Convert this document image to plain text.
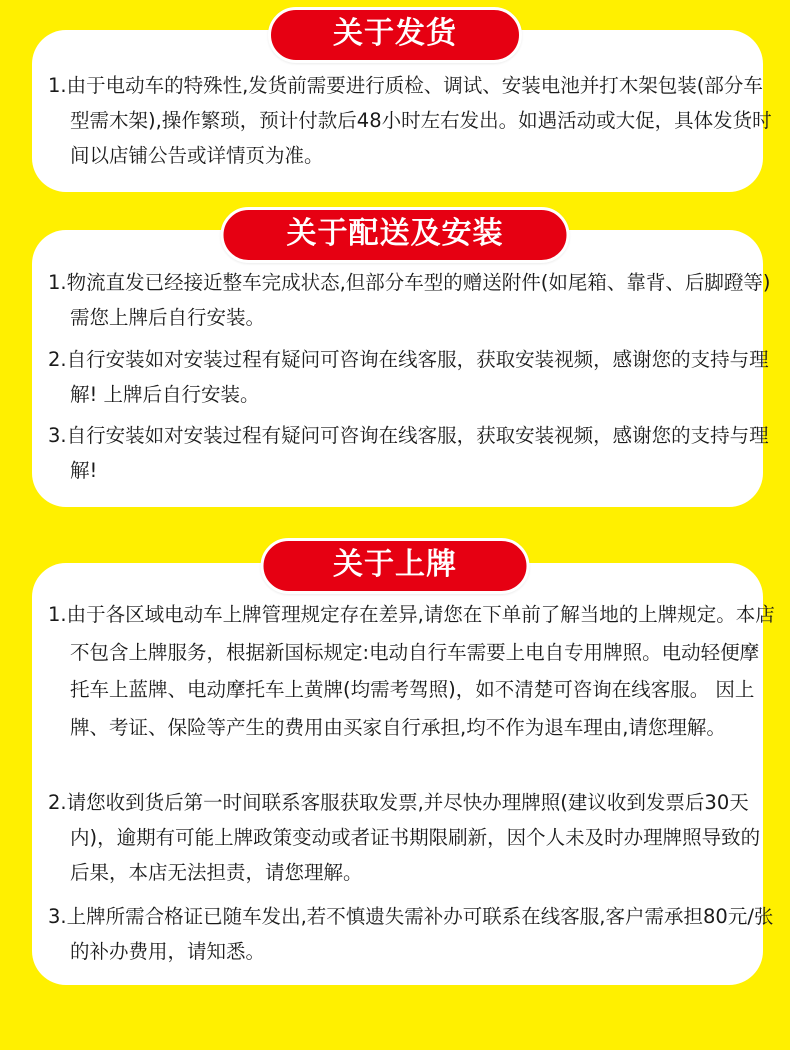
关于发货
关于配送及安装
关于上牌

1.由于电动车的特殊性,发货前需要进行质检、调试、安装电池并打木架包装(部分车型需木架),操作繁琐，预计付款后48小时左右发出。如遇活动或大促，具体发货时间以店铺公告或详情页为准。

1.物流直发已经接近整车完成状态,但部分车型的赠送附件(如尾箱、靠背、后脚蹬等)需您上牌后自行安装。

2.自行安装如对安装过程有疑问可咨询在线客服，获取安装视频，感谢您的支持与理解! 上牌后自行安装。

3.自行安装如对安装过程有疑问可咨询在线客服，获取安装视频，感谢您的支持与理解!

1.由于各区域电动车上牌管理规定存在差异,请您在下单前了解当地的上牌规定。本店不包含上牌服务，根据新国标规定:电动自行车需要上电自专用牌照。电动轻便摩托车上蓝牌、电动摩托车上黄牌(均需考驾照)，如不清楚可咨询在线客服。 因上牌、考证、保险等产生的费用由买家自行承担,均不作为退车理由,请您理解。

2.请您收到货后第一时间联系客服获取发票,并尽快办理牌照(建议收到发票后30天内)，逾期有可能上牌政策变动或者证书期限刷新，因个人未及时办理牌照导致的后果，本店无法担责，请您理解。

3.上牌所需合格证已随车发出,若不慎遗失需补办可联系在线客服,客户需承担80元/张的补办费用，请知悉。
